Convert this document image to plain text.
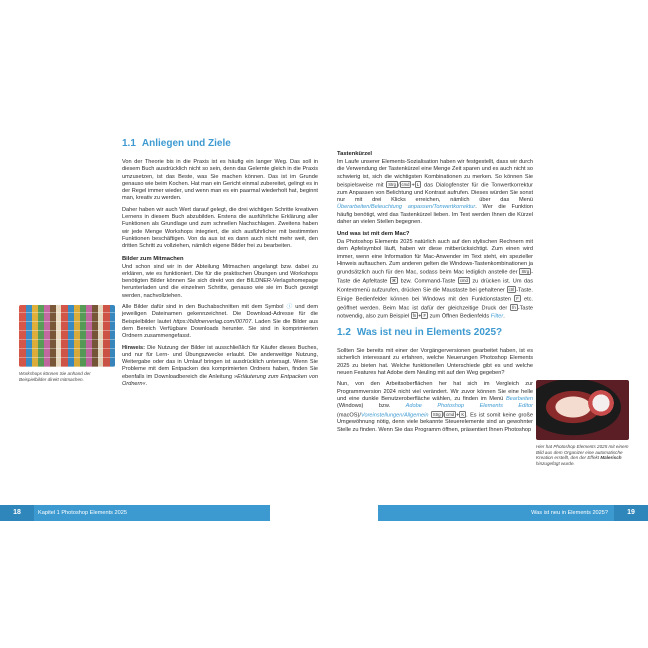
1.1 Anliegen und Ziele

Von der Theorie bis in die Praxis ist es häufig ein langer Weg. Das soll in diesem Buch ausdrücklich nicht so sein, denn das Gelernte gleich in die Praxis umzusetzen, ist das Beste, was Sie machen können. Das ist im Grunde genauso wie beim Kochen. Hat man ein Gericht einmal zubereitet, gelingt es in der Regel immer wieder, und wenn man es ein paarmal wiederholt hat, beginnt man, kreativ zu werden.

Daher haben wir auch Wert darauf gelegt, die drei wichtigen Schritte kreativen Lernens in diesem Buch abzubilden. Erstens die ausführliche Erklärung aller Funktionen als Grundlage und zum schnellen Nachschlagen. Zweitens haben wir jede Menge Workshops integriert, die sich ausführlicher mit bestimmten Funktionen beschäftigen. Von da aus ist es dann auch nicht mehr weit, den dritten Schritt zu vollziehen, nämlich eigene Bilder frei zu bearbeiten.

Bilder zum Mitmachen

Und schon sind wir in der Abteilung Mitmachen angelangt bzw. dabei zu erklären, wie es funktioniert. Die für die praktischen Übungen und Workshops benötigten Bilder können Sie sich direkt von der BILDNER-Verlagshomepage herunterladen und die einzelnen Schritte, genauso wie sie im Buch gezeigt werden, nachvollziehen.

Alle Bilder dafür sind in den Buchabschnitten mit dem Symbol ⓘ und dem jeweiligen Dateinamen gekennzeichnet. Die Download-Adresse für die Beispielbilder lautet https://bildnerverlag.com/00707. Laden Sie die Bilder aus dem Bereich Verfügbare Downloads herunter. Sie sind in komprimierten Ordnern zusammengefasst.

Hinweis: Die Nutzung der Bilder ist ausschließlich für Käufer dieses Buches, und nur für Lern- und Übungszwecke erlaubt. Die anderweitige Nutzung, Weitergabe oder das in Umlauf bringen ist ausdrücklich untersagt. Wenn Sie Probleme mit dem Entpacken des komprimierten Ordners haben, finden Sie ebenfalls im Downloadbereich die Anleitung »Erläuterung zum Entpacken von Ordnern«.

Workshops können Sie anhand der Beispielbilder direkt mitmachen.
Tastenkürzel

Im Laufe unserer Elements-Sozialisation haben wir festgestellt, dass wir durch die Verwendung der Tastenkürzel eine Menge Zeit sparen und es auch nicht so schwierig ist, sich die wichtigsten Kombinationen zu merken. So können Sie beispielsweise mit Strg / cmd + L das Dialogfenster für die Tonwertkorrektur zum Anpassen von Belichtung und Kontrast aufrufen. Dieses würden Sie sonst nur mit drei Klicks erreichen, nämlich über das Menü Überarbeiten/Beleuchtung anpassen/Tonwertkorrektur. Wer die Funktion häufig benötigt, wird das Tastenkürzel lieben. Im Text werden Ihnen die Kürzel daher an vielen Stellen begegnen.

Und was ist mit dem Mac?

Da Photoshop Elements 2025 natürlich auch auf den stylischen Rechnern mit dem Apfelsymbol läuft, haben wir diese mitberücksichtigt. Zum einen wird immer, wenn eine Information für Mac-Anwender im Text steht, ein spezieller Hinweis auftauchen. Zum anderen gelten die Windows-Tastenkombinationen ja grundsätzlich auch für den Mac, sodass beim Mac lediglich anstelle der Strg -Taste die Apfeltaste ⌘ bzw. Command-Taste cmd zu drücken ist. Um das Kontextmenü aufzurufen, drücken Sie die Maustaste bei gehaltener ctrl -Taste. Einige Bedienfelder können bei Windows mit den Funktionstasten F etc. geöffnet werden. Beim Mac ist dafür der gleichzeitige Druck der fn -Taste notwendig, also zum Beispiel fn + F zum Öffnen Bedienfelds Filter.

1.2 Was ist neu in Elements 2025?

Sollten Sie bereits mit einer der Vorgängerversionen gearbeitet haben, ist es sicherlich interessant zu erfahren, welche Neuerungen Photoshop Elements 2025 zu bieten hat. Welche funktionellen Unterschiede gibt es und welche neuen Features hat Adobe dem Neuling mit auf den Weg gegeben?

Nun, von den Arbeitsoberflächen her hat sich im Vergleich zur Programmversion 2024 nicht viel verändert. Wir zuvor können Sie eine helle und eine dunkle Benutzeroberfläche wählen, zu finden im Menü Bearbeiten (Windows) bzw.	Adobe Photoshop Elements Editor (macOS)/Voreinstellungen/Allgemein Strg cmd + K . Es ist somit keine große Umgewöhnung nötig, denn viele bekannte Steuerelemente sind an gewohnter Stelle zu finden. Wenn Sie das Programm öffnen, präsentiert Ihnen Photoshop

Hier hat Photoshop Elements 2025 mit einem Bild aus dem Organizer eine automatische Kreation erstellt, den der Effekt Malerisch hinzugefügt wurde.
18	Kapitel 1 Photoshop Elements 2025	Was ist neu in Elements 2025?	19
